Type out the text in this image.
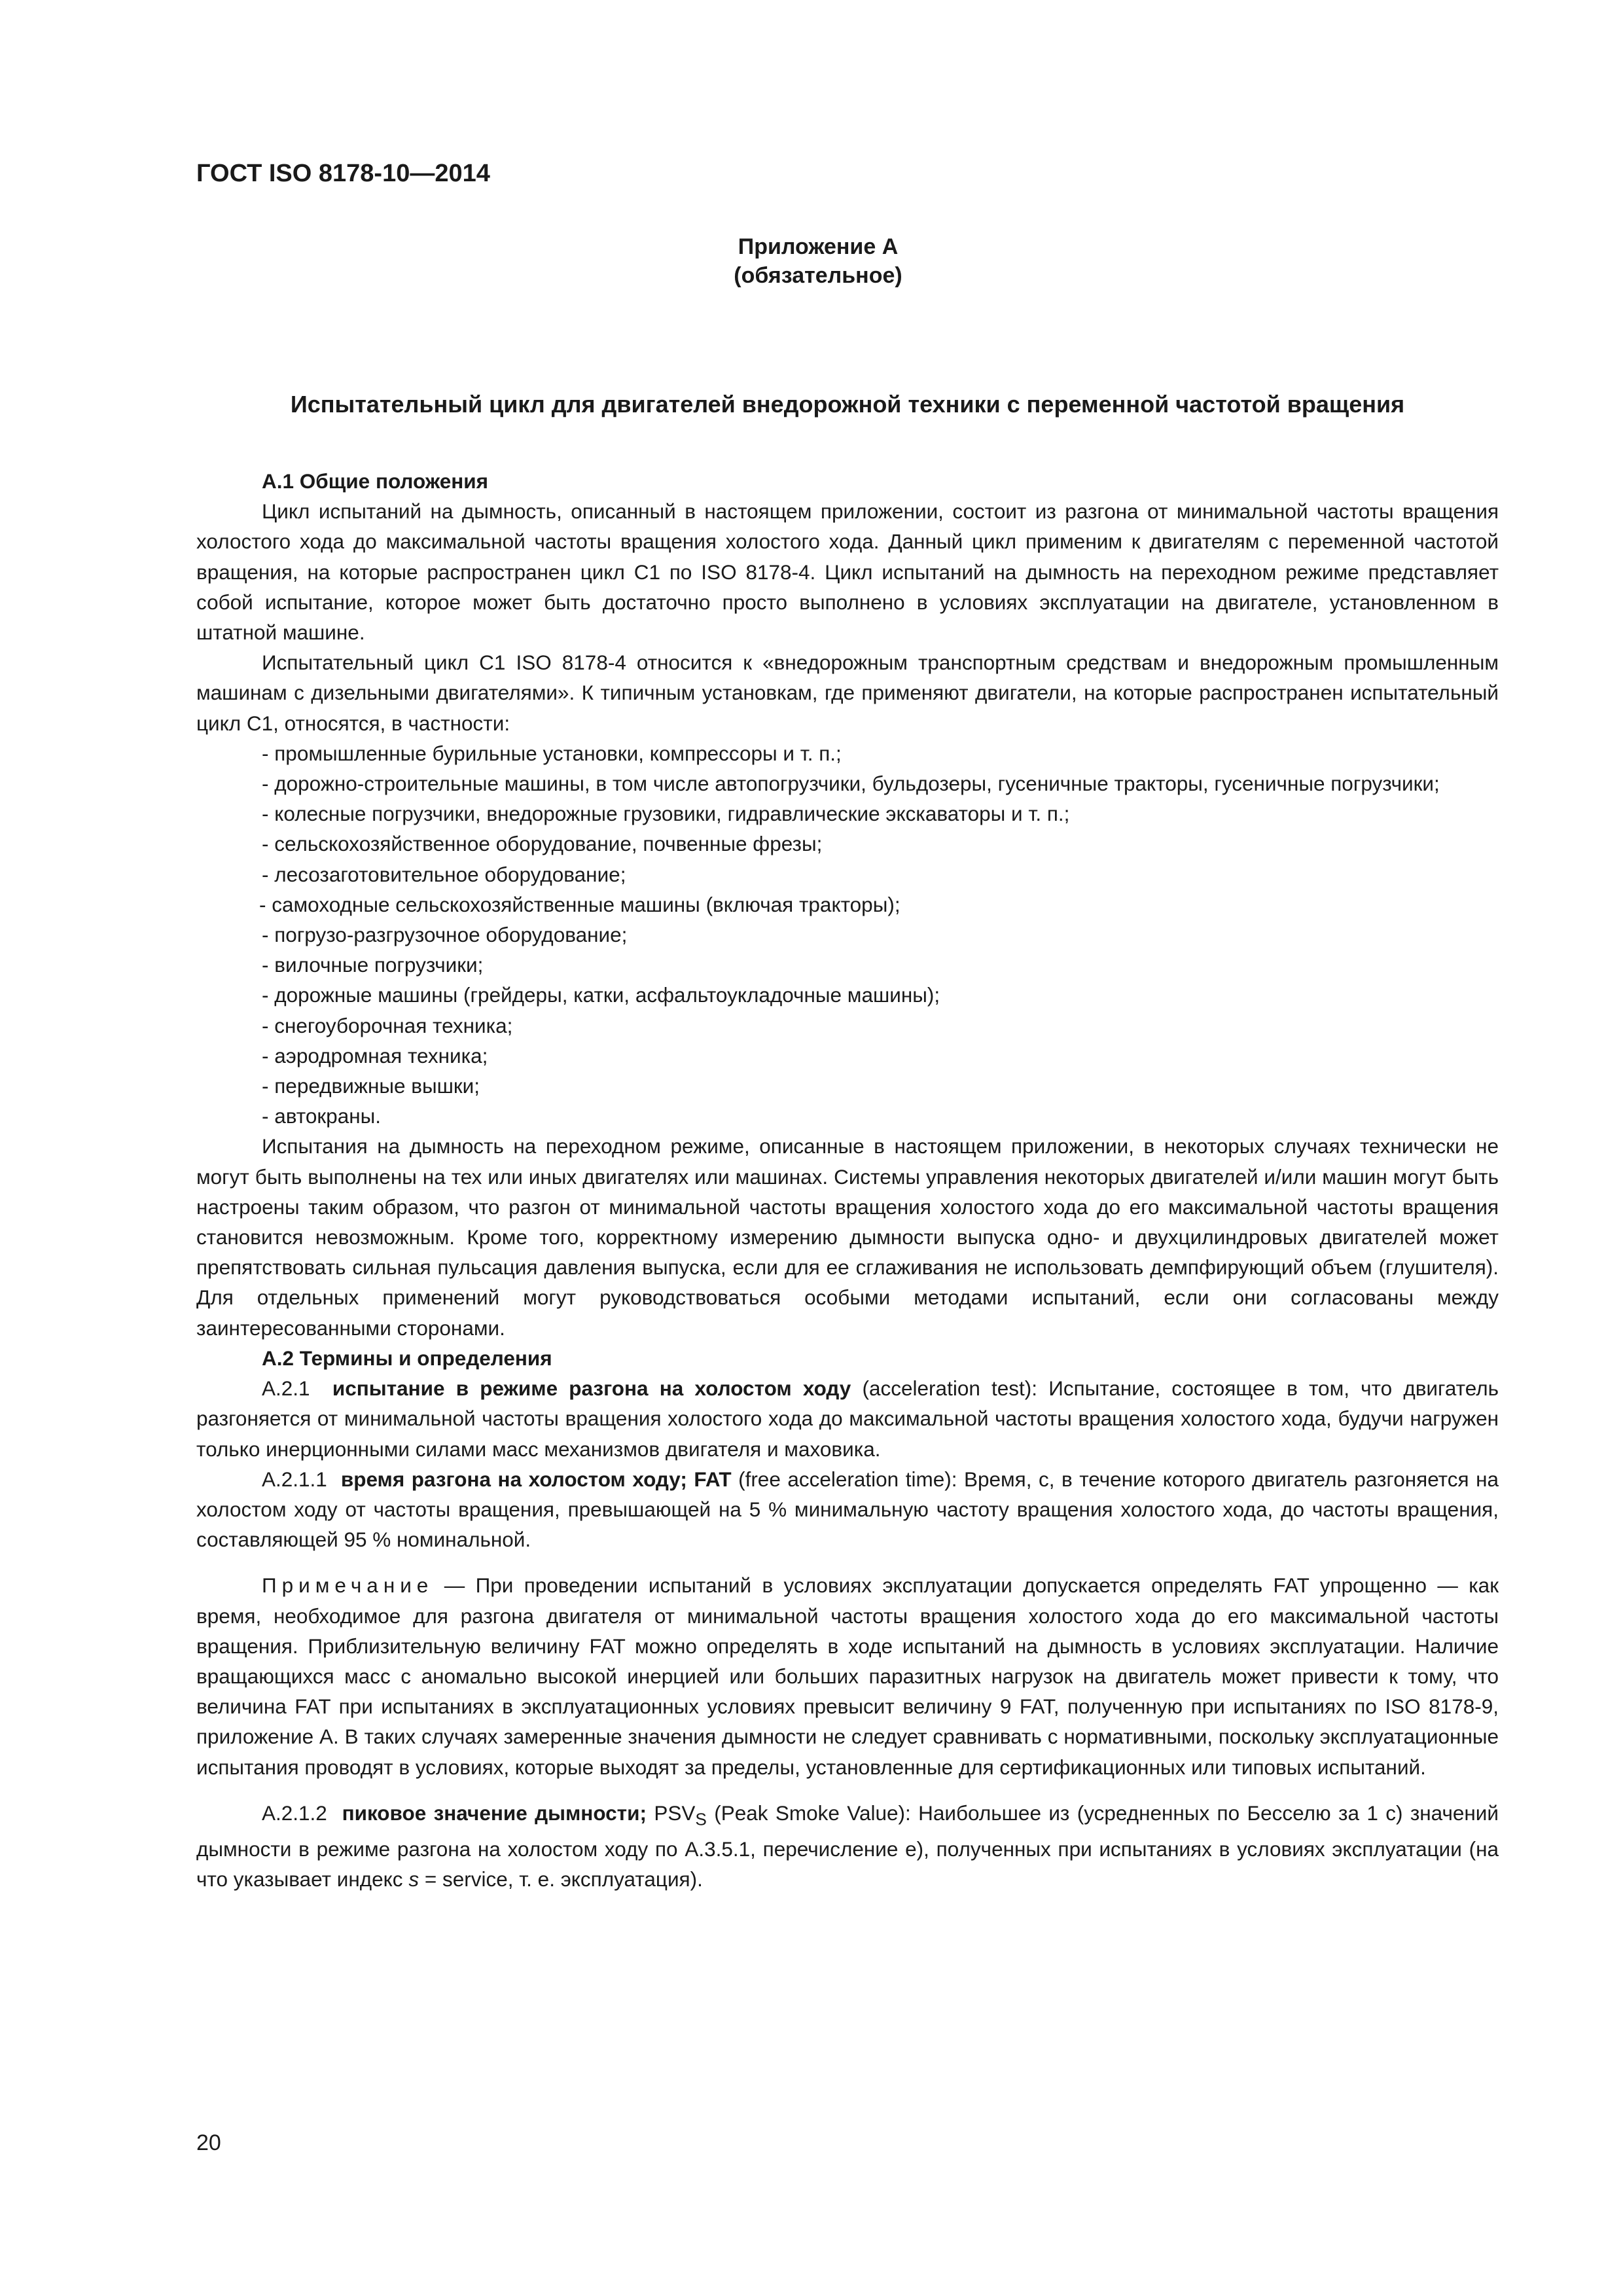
ГОСТ ISO 8178-10—2014
Приложение А
(обязательное)
Испытательный цикл для двигателей внедорожной техники с переменной частотой вращения

А.1 Общие положения

Цикл испытаний на дымность, описанный в настоящем приложении, состоит из разгона от минимальной частоты вращения холостого хода до максимальной частоты вращения холостого хода. Данный цикл применим к двигателям с переменной частотой вращения, на которые распространен цикл С1 по ISO 8178-4. Цикл испытаний на дымность на переходном режиме представляет собой испытание, которое может быть достаточно просто выполнено в условиях эксплуатации на двигателе, установленном в штатной машине.

Испытательный цикл С1 ISO 8178-4 относится к «внедорожным транспортным средствам и внедорожным промышленным машинам с дизельными двигателями». К типичным установкам, где применяют двигатели, на которые распространен испытательный цикл С1, относятся, в частности:

- промышленные бурильные установки, компрессоры и т. п.;

- дорожно-строительные машины, в том числе автопогрузчики, бульдозеры, гусеничные тракторы, гусеничные погрузчики;

- колесные погрузчики, внедорожные грузовики, гидравлические экскаваторы и т. п.;

- сельскохозяйственное оборудование, почвенные фрезы;

- лесозаготовительное оборудование;

- самоходные сельскохозяйственные машины (включая тракторы);

- погрузо-разгрузочное оборудование;

- вилочные погрузчики;

- дорожные машины (грейдеры, катки, асфальтоукладочные машины);

- снегоуборочная техника;

- аэродромная техника;

- передвижные вышки;

- автокраны.

Испытания на дымность на переходном режиме, описанные в настоящем приложении, в некоторых случаях технически не могут быть выполнены на тех или иных двигателях или машинах. Системы управления некоторых двигателей и/или машин могут быть настроены таким образом, что разгон от минимальной частоты вращения холостого хода до его максимальной частоты вращения становится невозможным. Кроме того, корректному измерению дымности выпуска одно- и двухцилиндровых двигателей может препятствовать сильная пульсация давления выпуска, если для ее сглаживания не использовать демпфирующий объем (глушителя). Для отдельных применений могут руководствоваться особыми методами испытаний, если они согласованы между заинтересованными сторонами.

А.2 Термины и определения

А.2.1 испытание в режиме разгона на холостом ходу (acceleration test): Испытание, состоящее в том, что двигатель разгоняется от минимальной частоты вращения холостого хода до максимальной частоты вращения холостого хода, будучи нагружен только инерционными силами масс механизмов двигателя и маховика.

А.2.1.1 время разгона на холостом ходу; FAT (free acceleration time): Время, с, в течение которого двигатель разгоняется на холостом ходу от частоты вращения, превышающей на 5 % минимальную частоту вращения холостого хода, до частоты вращения, составляющей 95 % номинальной.

Примечание — При проведении испытаний в условиях эксплуатации допускается определять FAT упрощенно — как время, необходимое для разгона двигателя от минимальной частоты вращения холостого хода до его максимальной частоты вращения. Приблизительную величину FAT можно определять в ходе испытаний на дымность в условиях эксплуатации. Наличие вращающихся масс с аномально высокой инерцией или больших паразитных нагрузок на двигатель может привести к тому, что величина FAT при испытаниях в эксплуатационных условиях превысит величину 9 FAT, полученную при испытаниях по ISO 8178-9, приложение А. В таких случаях замеренные значения дымности не следует сравнивать с нормативными, поскольку эксплуатационные испытания проводят в условиях, которые выходят за пределы, установленные для сертификационных или типовых испытаний.

А.2.1.2 пиковое значение дымности; $PSV_S$ (Peak Smoke Value): Наибольшее из (усредненных по Бесселю за 1 с) значений дымности в режиме разгона на холостом ходу по А.3.5.1, перечисление е), полученных при испытаниях в условиях эксплуатации (на что указывает индекс s = service, т. е. эксплуатация).

20
